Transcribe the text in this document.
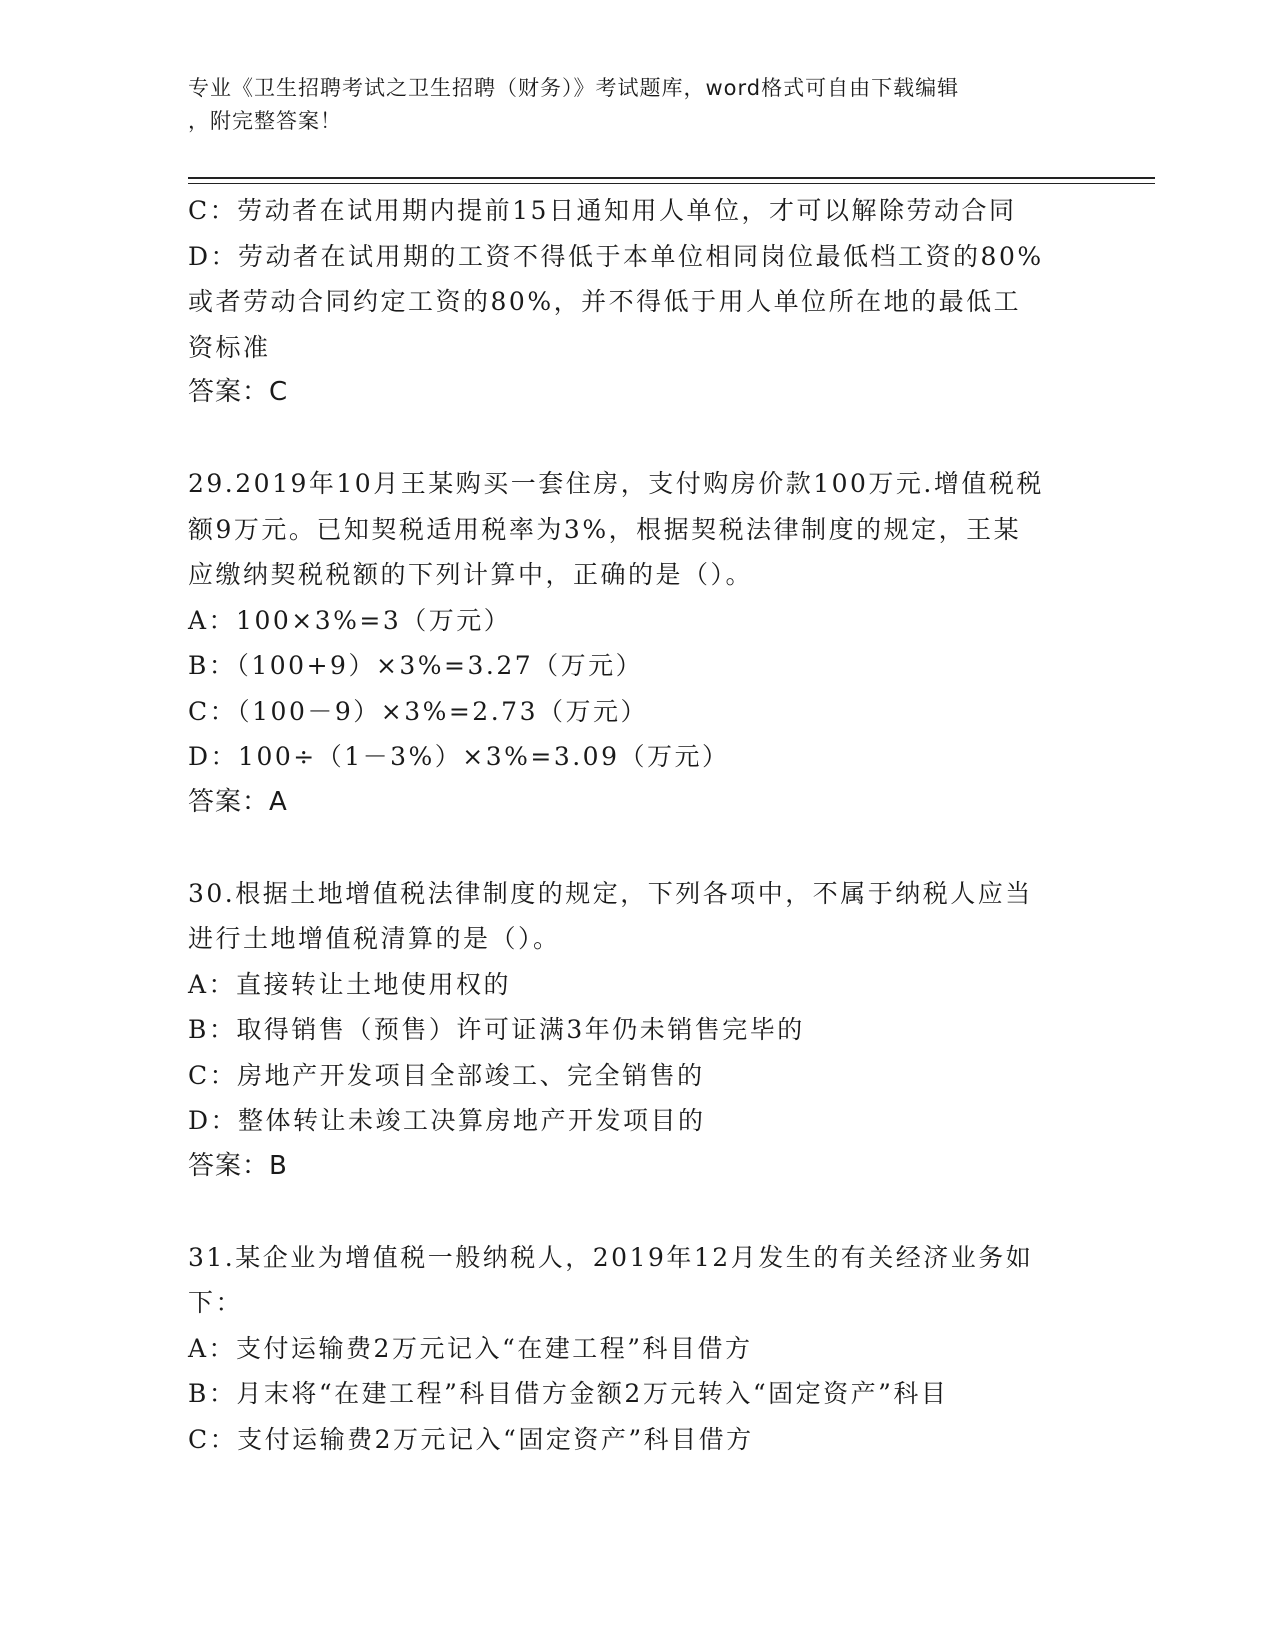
专业《卫生招聘考试之卫生招聘（财务）》考试题库，word格式可自由下载编辑
，附完整答案！
C：劳动者在试用期内提前15日通知用人单位，才可以解除劳动合同
D：劳动者在试用期的工资不得低于本单位相同岗位最低档工资的80%
或者劳动合同约定工资的80%，并不得低于用人单位所在地的最低工
资标准
答案：C
29.2019年10月王某购买一套住房，支付购房价款100万元.增值税税
额9万元。已知契税适用税率为3%，根据契税法律制度的规定，王某
应缴纳契税税额的下列计算中，正确的是（）。
A：100×3%=3（万元）
B：（100+9）×3%=3.27（万元）
C：（100－9）×3%=2.73（万元）
D：100÷（1－3%）×3%=3.09（万元）
答案：A
30.根据土地增值税法律制度的规定，下列各项中，不属于纳税人应当
进行土地增值税清算的是（）。
A：直接转让土地使用权的
B：取得销售（预售）许可证满3年仍未销售完毕的
C：房地产开发项目全部竣工、完全销售的
D：整体转让未竣工决算房地产开发项目的
答案：B
31.某企业为增值税一般纳税人，2019年12月发生的有关经济业务如
下：
A：支付运输费2万元记入“在建工程”科目借方
B：月末将“在建工程”科目借方金额2万元转入“固定资产”科目
C：支付运输费2万元记入“固定资产”科目借方
